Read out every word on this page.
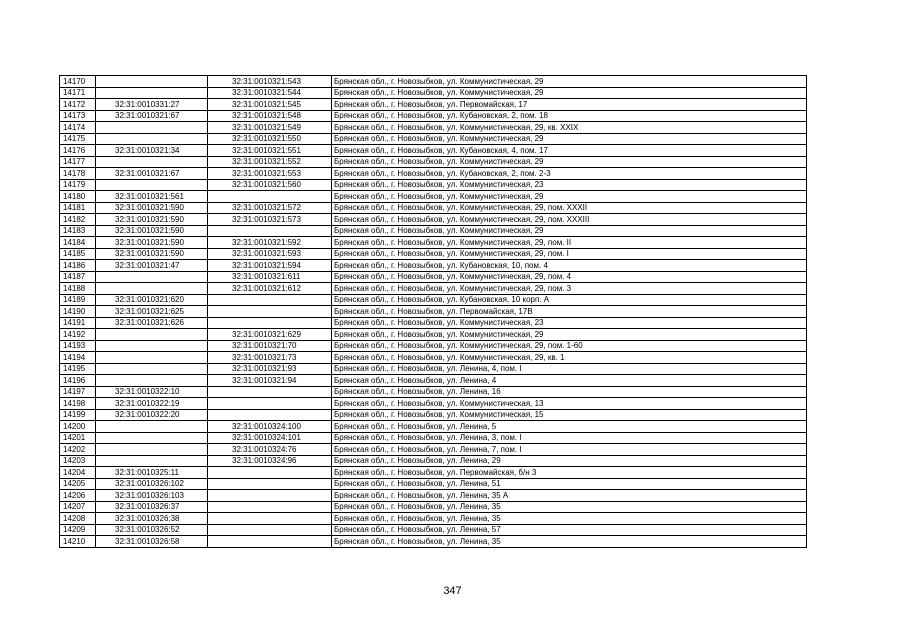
14170		32:31:0010321:543	Брянская обл., г. Новозыбков, ул. Коммунистическая, 29
14171		32:31:0010321:544	Брянская обл., г. Новозыбков, ул. Коммунистическая, 29
14172	32:31:0010331:27	32:31:0010321:545	Брянская обл., г. Новозыбков, ул. Первомайская, 17
14173	32:31:0010321:67	32:31:0010321:548	Брянская обл., г. Новозыбков, ул. Кубановская, 2, пом. 18
14174		32:31:0010321:549	Брянская обл., г. Новозыбков, ул. Коммунистическая, 29, кв. XXIX
14175		32:31:0010321:550	Брянская обл., г. Новозыбков, ул. Коммунистическая, 29
14176	32:31:0010321:34	32:31:0010321:551	Брянская обл., г. Новозыбков, ул. Кубановская, 4, пом. 17
14177		32:31:0010321:552	Брянская обл., г. Новозыбков, ул. Коммунистическая, 29
14178	32:31:0010321:67	32:31:0010321:553	Брянская обл., г. Новозыбков, ул. Кубановская, 2, пом. 2-3
14179		32:31:0010321:560	Брянская обл., г. Новозыбков, ул. Коммунистическая, 23
14180	32:31:0010321:561		Брянская обл., г. Новозыбков, ул. Коммунистическая, 29
14181	32:31:0010321:590	32:31:0010321:572	Брянская обл., г. Новозыбков, ул. Коммунистическая, 29, пом. XXXII
14182	32:31:0010321:590	32:31:0010321:573	Брянская обл., г. Новозыбков, ул. Коммунистическая, 29, пом. XXXIII
14183	32:31:0010321:590		Брянская обл., г. Новозыбков, ул. Коммунистическая, 29
14184	32:31:0010321:590	32:31:0010321:592	Брянская обл., г. Новозыбков, ул. Коммунистическая, 29, пом. II
14185	32:31:0010321:590	32:31:0010321:593	Брянская обл., г. Новозыбков, ул. Коммунистическая, 29, пом. I
14186	32:31:0010321:47	32:31:0010321:594	Брянская обл., г. Новозыбков, ул. Кубановская, 10, пом. 4
14187		32:31:0010321:611	Брянская обл., г. Новозыбков, ул. Коммунистическая, 29, пом. 4
14188		32:31:0010321:612	Брянская обл., г. Новозыбков, ул. Коммунистическая, 29, пом. 3
14189	32:31:0010321:620		Брянская обл., г. Новозыбков, ул. Кубановская, 10 корп. А
14190	32:31:0010321:625		Брянская обл., г. Новозыбков, ул. Первомайская, 17В
14191	32:31:0010321:626		Брянская обл., г. Новозыбков, ул. Коммунистическая, 23
14192		32:31:0010321:629	Брянская обл., г. Новозыбков, ул. Коммунистическая, 29
14193		32:31:0010321:70	Брянская обл., г. Новозыбков, ул. Коммунистическая, 29, пом. 1-60
14194		32:31:0010321:73	Брянская обл., г. Новозыбков, ул. Коммунистическая, 29, кв. 1
14195		32:31:0010321:93	Брянская обл., г. Новозыбков, ул. Ленина, 4, пом. I
14196		32:31:0010321:94	Брянская обл., г. Новозыбков, ул. Ленина, 4
14197	32:31:0010322:10		Брянская обл., г. Новозыбков, ул. Ленина, 16
14198	32:31:0010322:19		Брянская обл., г. Новозыбков, ул. Коммунистическая, 13
14199	32:31:0010322:20		Брянская обл., г. Новозыбков, ул. Коммунистическая, 15
14200		32:31:0010324:100	Брянская обл., г. Новозыбков, ул. Ленина, 5
14201		32:31:0010324:101	Брянская обл., г. Новозыбков, ул. Ленина, 3, пом. I
14202		32:31:0010324:76	Брянская обл., г. Новозыбков, ул. Ленина, 7, пом. I
14203		32:31:0010324:96	Брянская обл., г. Новозыбков, ул. Ленина, 29
14204	32:31:0010325:11		Брянская обл., г. Новозыбков, ул. Первомайская, б/н 3
14205	32:31:0010326:102		Брянская обл., г. Новозыбков, ул. Ленина, 51
14206	32:31:0010326:103		Брянская обл., г. Новозыбков, ул. Ленина, 35 А
14207	32:31:0010326:37		Брянская обл., г. Новозыбков, ул. Ленина, 35
14208	32:31:0010326:38		Брянская обл., г. Новозыбков, ул. Ленина, 35
14209	32:31:0010326:52		Брянская обл., г. Новозыбков, ул. Ленина, 57
14210	32:31:0010326:58		Брянская обл., г. Новозыбков, ул. Ленина, 35
347
